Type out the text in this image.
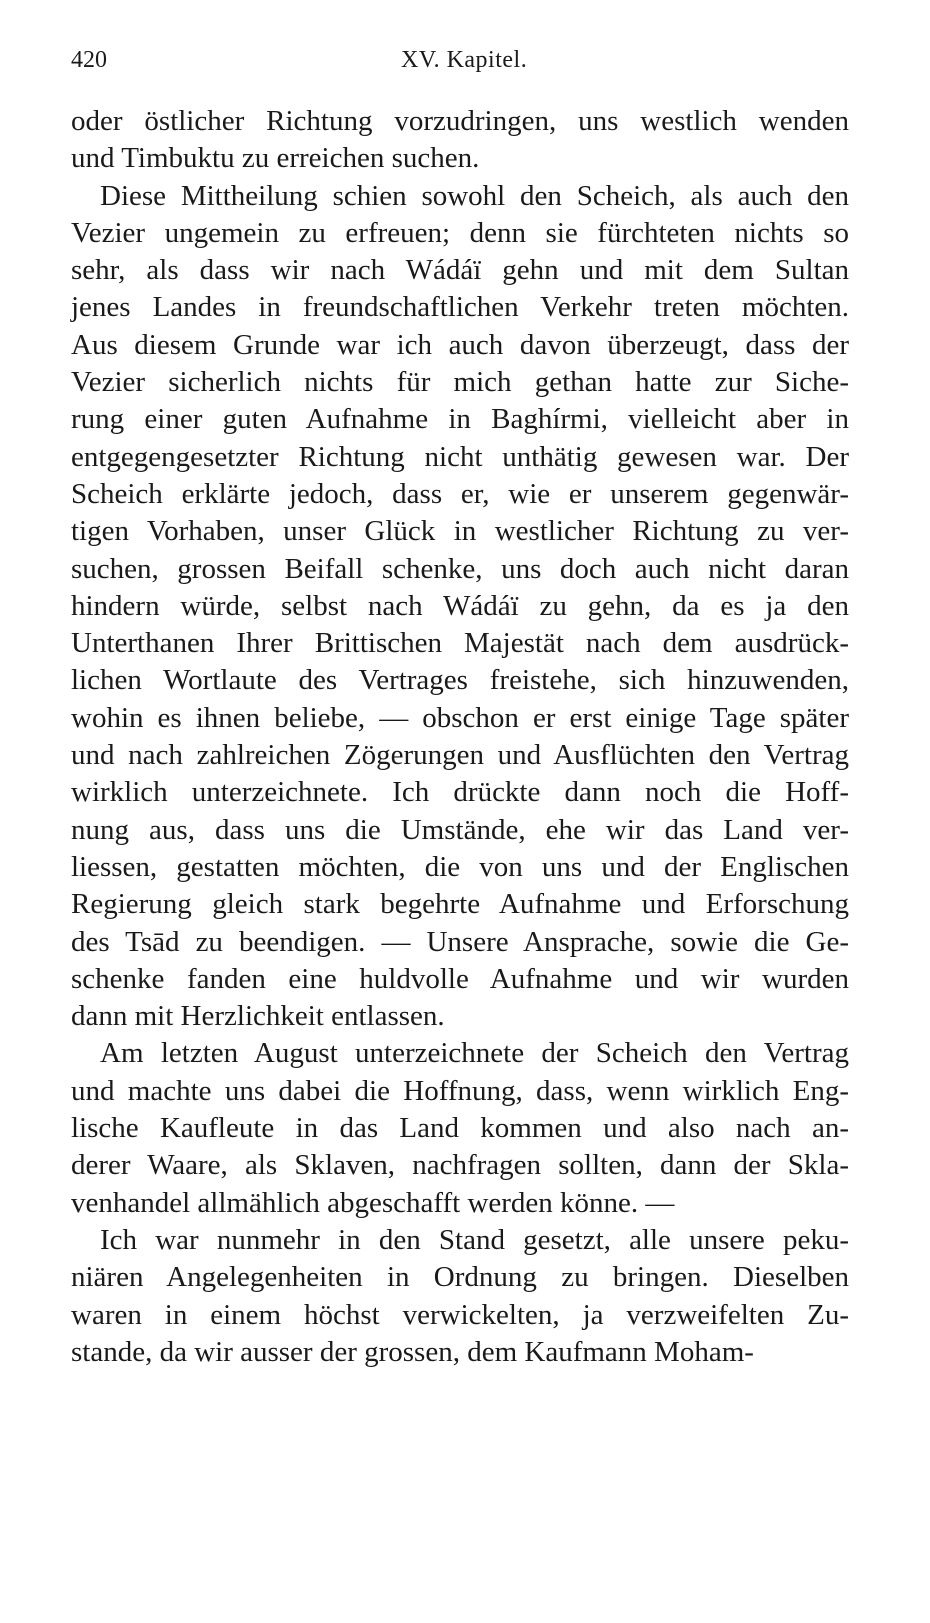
420	XV. Kapitel.
oder östlicher Richtung vorzudringen, uns westlich wenden
und Timbuktu zu erreichen suchen.
Diese Mittheilung schien sowohl den Scheich, als auch den
Vezier ungemein zu erfreuen; denn sie fürchteten nichts so
sehr, als dass wir nach Wádáï gehn und mit dem Sultan
jenes Landes in freundschaftlichen Verkehr treten möchten.
Aus diesem Grunde war ich auch davon überzeugt, dass der
Vezier sicherlich nichts für mich gethan hatte zur Siche-
rung einer guten Aufnahme in Baghírmi, vielleicht aber in
entgegengesetzter Richtung nicht unthätig gewesen war. Der
Scheich erklärte jedoch, dass er, wie er unserem gegenwär-
tigen Vorhaben, unser Glück in westlicher Richtung zu ver-
suchen, grossen Beifall schenke, uns doch auch nicht daran
hindern würde, selbst nach Wádáï zu gehn, da es ja den
Unterthanen Ihrer Brittischen Majestät nach dem ausdrück-
lichen Wortlaute des Vertrages freistehe, sich hinzuwenden,
wohin es ihnen beliebe, — obschon er erst einige Tage später
und nach zahlreichen Zögerungen und Ausflüchten den Vertrag
wirklich unterzeichnete. Ich drückte dann noch die Hoff-
nung aus, dass uns die Umstände, ehe wir das Land ver-
liessen, gestatten möchten, die von uns und der Englischen
Regierung gleich stark begehrte Aufnahme und Erforschung
des Tsād zu beendigen. — Unsere Ansprache, sowie die Ge-
schenke fanden eine huldvolle Aufnahme und wir wurden
dann mit Herzlichkeit entlassen.
Am letzten August unterzeichnete der Scheich den Vertrag
und machte uns dabei die Hoffnung, dass, wenn wirklich Eng-
lische Kaufleute in das Land kommen und also nach an-
derer Waare, als Sklaven, nachfragen sollten, dann der Skla-
venhandel allmählich abgeschafft werden könne. —
Ich war nunmehr in den Stand gesetzt, alle unsere peku-
niären Angelegenheiten in Ordnung zu bringen. Dieselben
waren in einem höchst verwickelten, ja verzweifelten Zu-
stande, da wir ausser der grossen, dem Kaufmann Moham-
